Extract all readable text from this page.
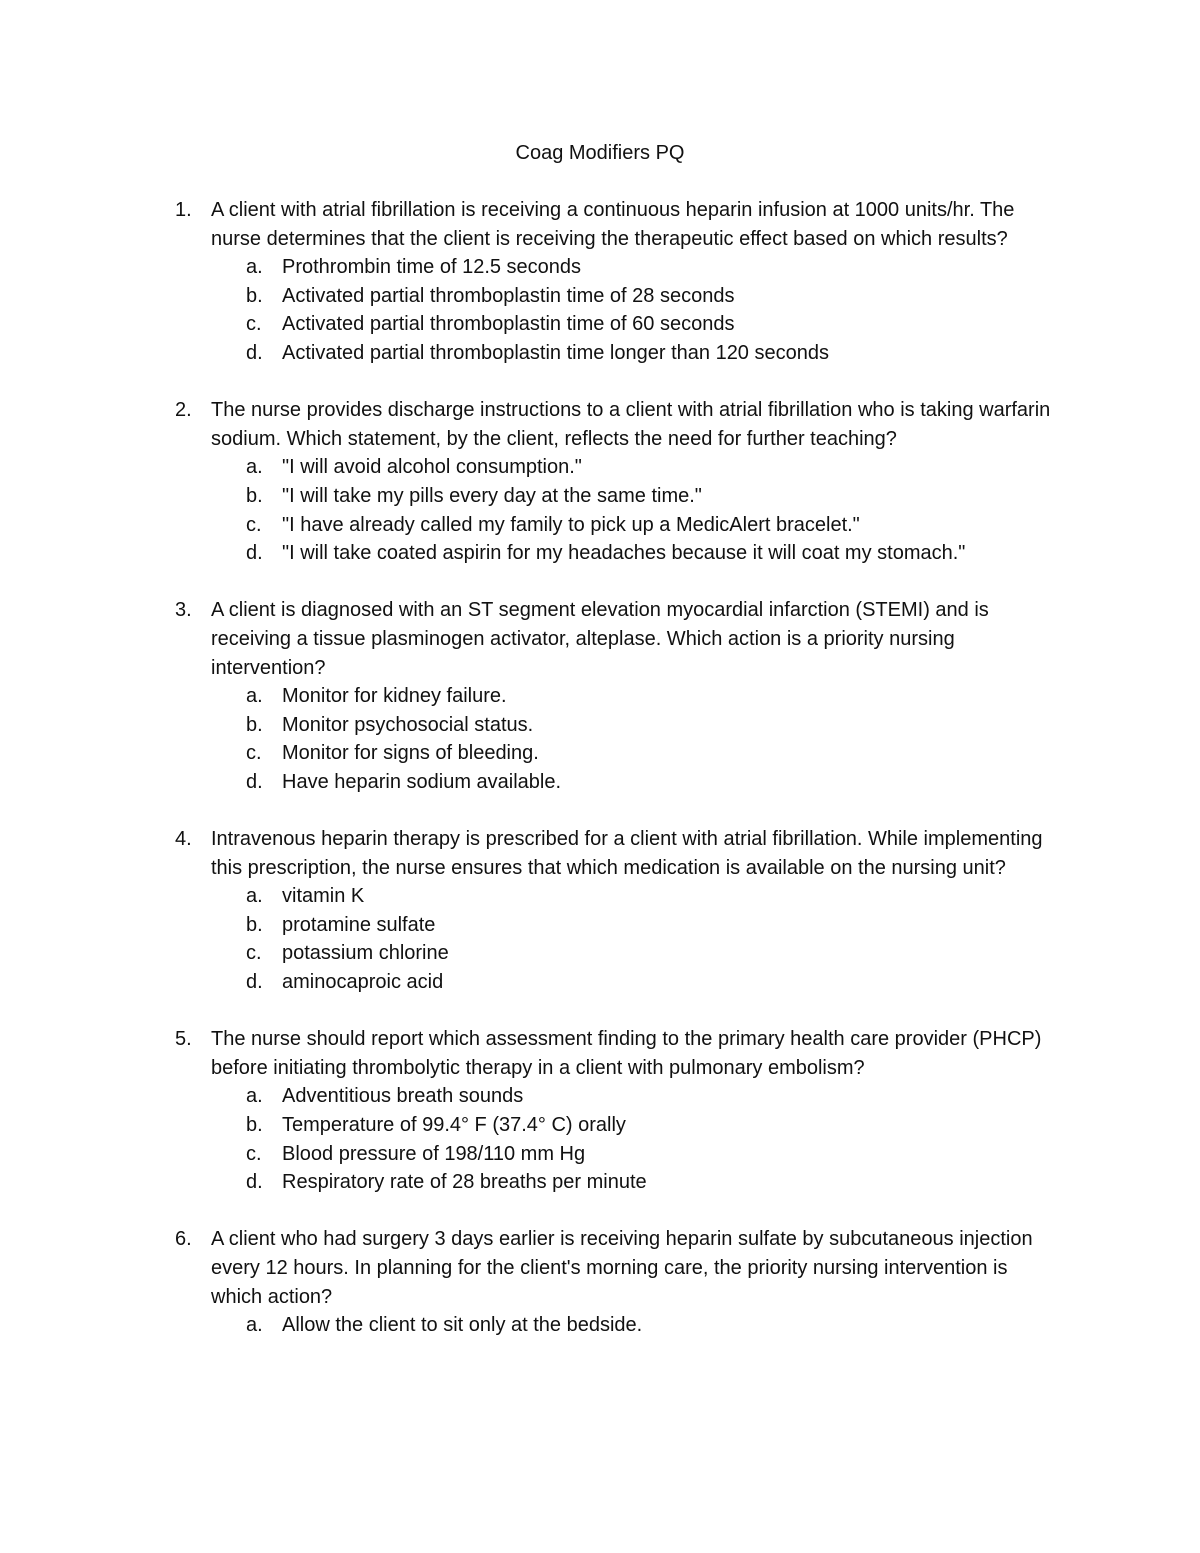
Coag Modifiers PQ
1. A client with atrial fibrillation is receiving a continuous heparin infusion at 1000 units/hr. The nurse determines that the client is receiving the therapeutic effect based on which results?
a. Prothrombin time of 12.5 seconds
b. Activated partial thromboplastin time of 28 seconds
c. Activated partial thromboplastin time of 60 seconds
d. Activated partial thromboplastin time longer than 120 seconds
2. The nurse provides discharge instructions to a client with atrial fibrillation who is taking warfarin sodium. Which statement, by the client, reflects the need for further teaching?
a. "I will avoid alcohol consumption."
b. "I will take my pills every day at the same time."
c. "I have already called my family to pick up a MedicAlert bracelet."
d. "I will take coated aspirin for my headaches because it will coat my stomach."
3. A client is diagnosed with an ST segment elevation myocardial infarction (STEMI) and is receiving a tissue plasminogen activator, alteplase. Which action is a priority nursing intervention?
a. Monitor for kidney failure.
b. Monitor psychosocial status.
c. Monitor for signs of bleeding.
d. Have heparin sodium available.
4. Intravenous heparin therapy is prescribed for a client with atrial fibrillation. While implementing this prescription, the nurse ensures that which medication is available on the nursing unit?
a. vitamin K
b. protamine sulfate
c. potassium chlorine
d. aminocaproic acid
5. The nurse should report which assessment finding to the primary health care provider (PHCP) before initiating thrombolytic therapy in a client with pulmonary embolism?
a. Adventitious breath sounds
b. Temperature of 99.4° F (37.4° C) orally
c. Blood pressure of 198/110 mm Hg
d. Respiratory rate of 28 breaths per minute
6. A client who had surgery 3 days earlier is receiving heparin sulfate by subcutaneous injection every 12 hours. In planning for the client's morning care, the priority nursing intervention is which action?
a. Allow the client to sit only at the bedside.
